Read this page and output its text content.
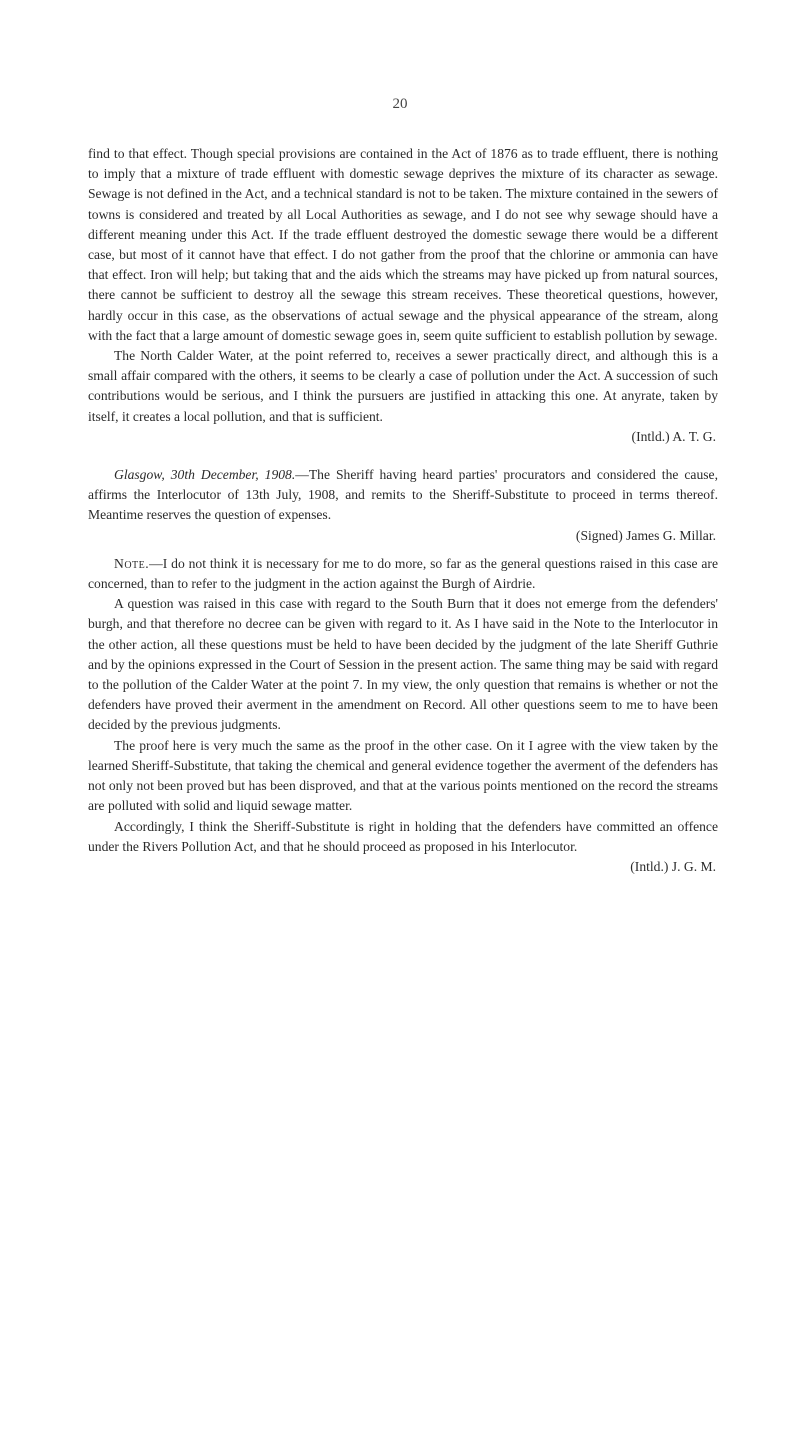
20

find to that effect. Though special provisions are contained in the Act of 1876 as to trade effluent, there is nothing to imply that a mixture of trade effluent with domestic sewage deprives the mixture of its character as sewage. Sewage is not defined in the Act, and a technical standard is not to be taken. The mixture contained in the sewers of towns is considered and treated by all Local Authorities as sewage, and I do not see why sewage should have a different meaning under this Act. If the trade effluent destroyed the domestic sewage there would be a different case, but most of it cannot have that effect. I do not gather from the proof that the chlorine or ammonia can have that effect. Iron will help; but taking that and the aids which the streams may have picked up from natural sources, there cannot be sufficient to destroy all the sewage this stream receives. These theoretical questions, however, hardly occur in this case, as the observations of actual sewage and the physical appearance of the stream, along with the fact that a large amount of domestic sewage goes in, seem quite sufficient to establish pollution by sewage.

The North Calder Water, at the point referred to, receives a sewer practically direct, and although this is a small affair compared with the others, it seems to be clearly a case of pollution under the Act. A succession of such contributions would be serious, and I think the pursuers are justified in attacking this one. At anyrate, taken by itself, it creates a local pollution, and that is sufficient.

(Intld.) A. T. G.

Glasgow, 30th December, 1908.—The Sheriff having heard parties' procurators and considered the cause, affirms the Interlocutor of 13th July, 1908, and remits to the Sheriff-Substitute to proceed in terms thereof. Meantime reserves the question of expenses.

(Signed) James G. Millar.

Note.—I do not think it is necessary for me to do more, so far as the general questions raised in this case are concerned, than to refer to the judgment in the action against the Burgh of Airdrie.

A question was raised in this case with regard to the South Burn that it does not emerge from the defenders' burgh, and that therefore no decree can be given with regard to it. As I have said in the Note to the Interlocutor in the other action, all these questions must be held to have been decided by the judgment of the late Sheriff Guthrie and by the opinions expressed in the Court of Session in the present action. The same thing may be said with regard to the pollution of the Calder Water at the point 7. In my view, the only question that remains is whether or not the defenders have proved their averment in the amendment on Record. All other questions seem to me to have been decided by the previous judgments.

The proof here is very much the same as the proof in the other case. On it I agree with the view taken by the learned Sheriff-Substitute, that taking the chemical and general evidence together the averment of the defenders has not only not been proved but has been disproved, and that at the various points mentioned on the record the streams are polluted with solid and liquid sewage matter.

Accordingly, I think the Sheriff-Substitute is right in holding that the defenders have committed an offence under the Rivers Pollution Act, and that he should proceed as proposed in his Interlocutor.

(Intld.) J. G. M.
